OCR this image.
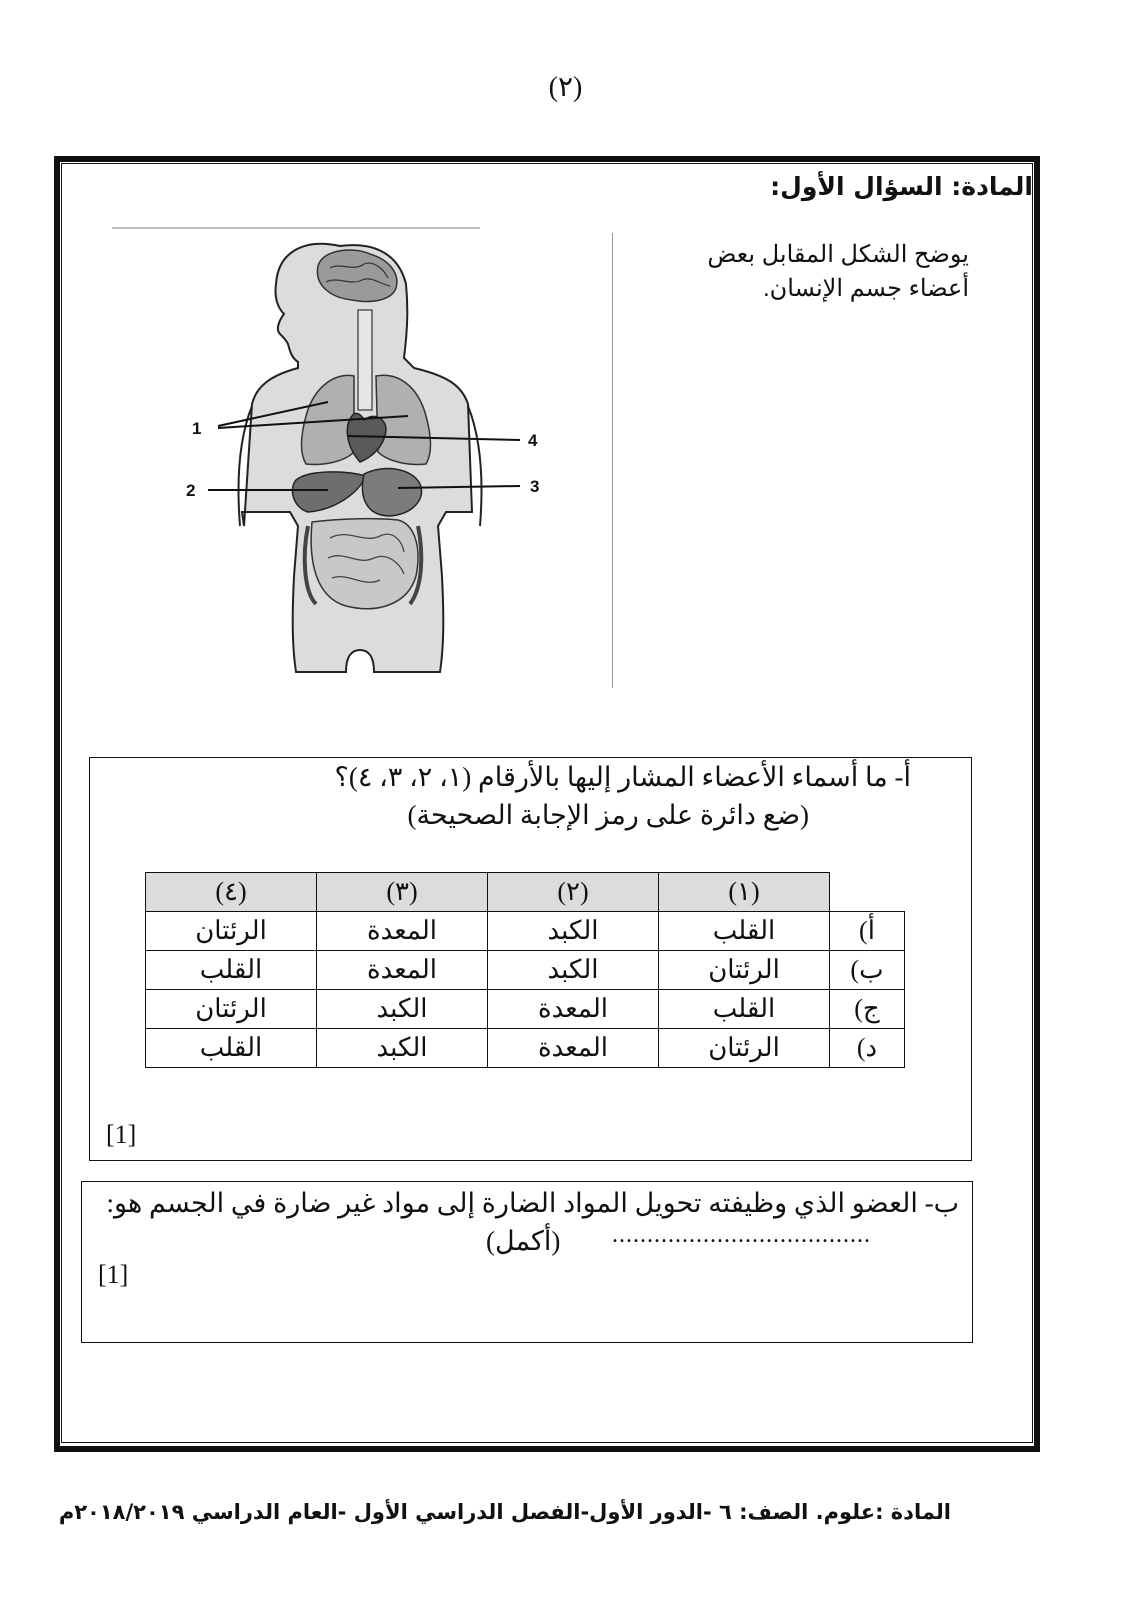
(٢)
المادة: السؤال الأول:
يوضح الشكل المقابل بعض
أعضاء جسم الإنسان.
1
2	3
4
أ- ما أسماء الأعضاء المشار إليها بالأرقام (١، ٢، ٣، ٤)؟
(ضع دائرة على رمز الإجابة الصحيحة)
	(١)	(٢)	(٣)	(٤)
أ)	القلب	الكبد	المعدة	الرئتان
ب)	الرئتان	الكبد	المعدة	القلب
ج)	القلب	المعدة	الكبد	الرئتان
د)	الرئتان	المعدة	الكبد	القلب
[1]
ب- العضو الذي وظيفته تحويل المواد الضارة إلى مواد غير ضارة في الجسم هو:
.....................................
(أكمل)
[1]
المادة :علوم. الصف: ٦ -الدور الأول-الفصل الدراسي الأول -العام الدراسي ٢٠١٨/٢٠١٩م
